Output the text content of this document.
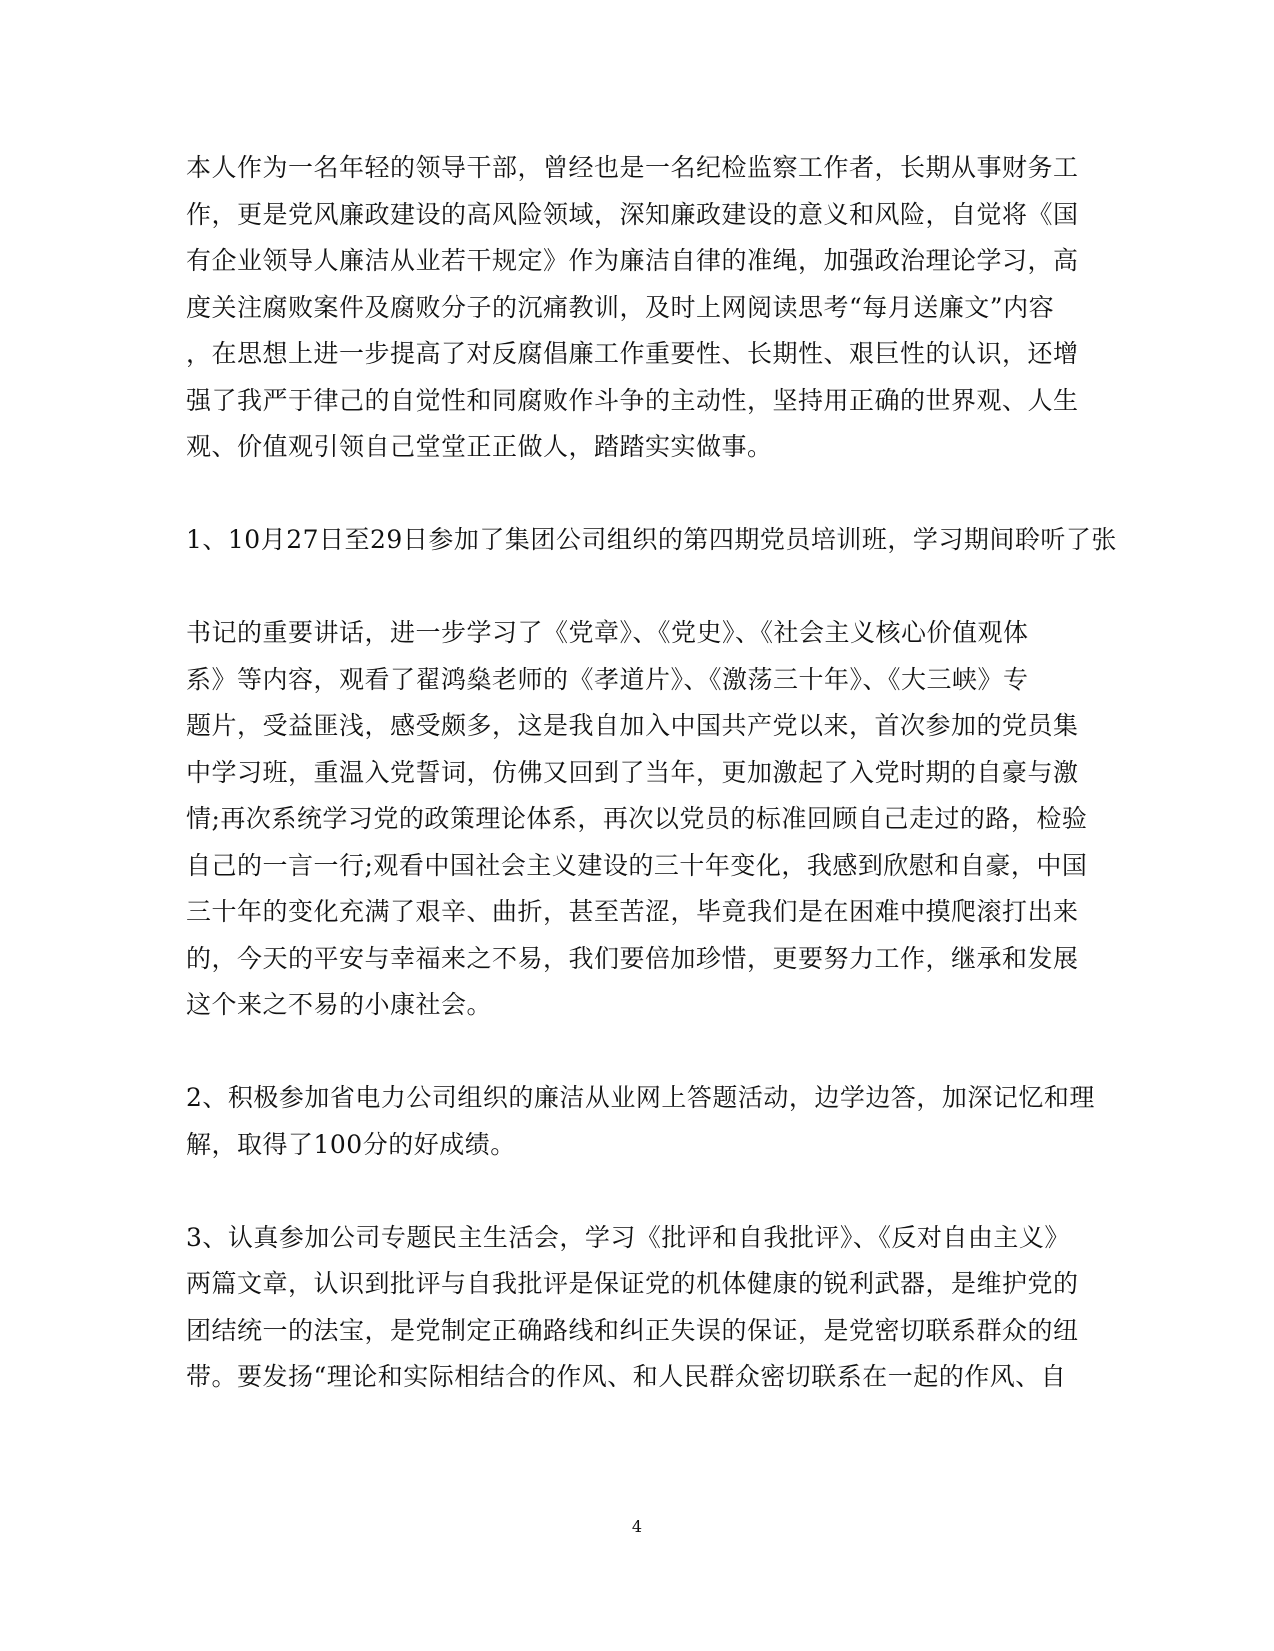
本人作为一名年轻的领导干部，曾经也是一名纪检监察工作者，长期从事财务工
作，更是党风廉政建设的高风险领域，深知廉政建设的意义和风险，自觉将《国
有企业领导人廉洁从业若干规定》作为廉洁自律的准绳，加强政治理论学习，高
度关注腐败案件及腐败分子的沉痛教训，及时上网阅读思考“每月送廉文”内容
，在思想上进一步提高了对反腐倡廉工作重要性、长期性、艰巨性的认识，还增
强了我严于律己的自觉性和同腐败作斗争的主动性，坚持用正确的世界观、人生
观、价值观引领自己堂堂正正做人，踏踏实实做事。
1、10月27日至29日参加了集团公司组织的第四期党员培训班，学习期间聆听了张
书记的重要讲话，进一步学习了《党章》、《党史》、《社会主义核心价值观体
系》等内容，观看了翟鸿燊老师的《孝道片》、《激荡三十年》、《大三峡》专
题片，受益匪浅，感受颇多，这是我自加入中国共产党以来，首次参加的党员集
中学习班，重温入党誓词，仿佛又回到了当年，更加激起了入党时期的自豪与激
情;再次系统学习党的政策理论体系，再次以党员的标准回顾自己走过的路，检验
自己的一言一行;观看中国社会主义建设的三十年变化，我感到欣慰和自豪，中国
三十年的变化充满了艰辛、曲折，甚至苦涩，毕竟我们是在困难中摸爬滚打出来
的，今天的平安与幸福来之不易，我们要倍加珍惜，更要努力工作，继承和发展
这个来之不易的小康社会。
2、积极参加省电力公司组织的廉洁从业网上答题活动，边学边答，加深记忆和理
解，取得了100分的好成绩。
3、认真参加公司专题民主生活会，学习《批评和自我批评》、《反对自由主义》
两篇文章，认识到批评与自我批评是保证党的机体健康的锐利武器，是维护党的
团结统一的法宝，是党制定正确路线和纠正失误的保证，是党密切联系群众的纽
带。要发扬“理论和实际相结合的作风、和人民群众密切联系在一起的作风、自
4
